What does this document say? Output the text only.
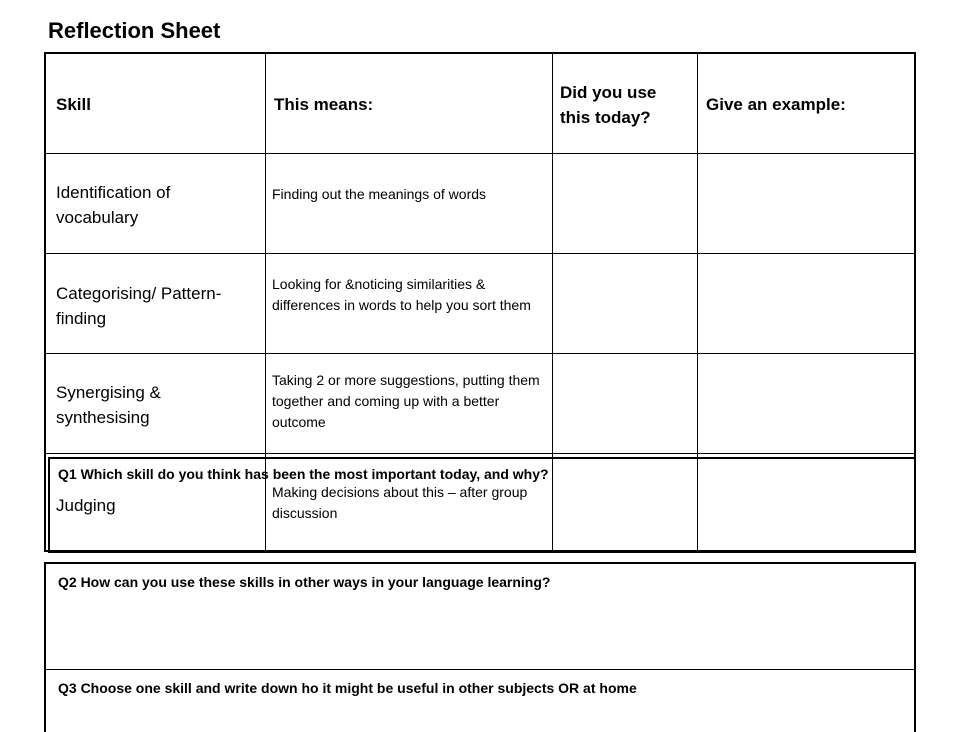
Reflection Sheet
Skill	This means:
Did you use this today?
Give an example:
Identification of vocabulary
Finding out the meanings of words
Categorising/ Pattern-finding
Looking for &noticing similarities & differences in words to help you sort them
Synergising & synthesising
Taking 2 or more suggestions, putting them together and coming up with a better outcome
Judging
Making decisions about this – after group discussion
Q1 Which skill do you think has been the most important today, and why?
Q2 How can you use these skills in other ways in your language learning?
Q3 Choose one skill and write down ho it might be useful in other subjects OR at home
